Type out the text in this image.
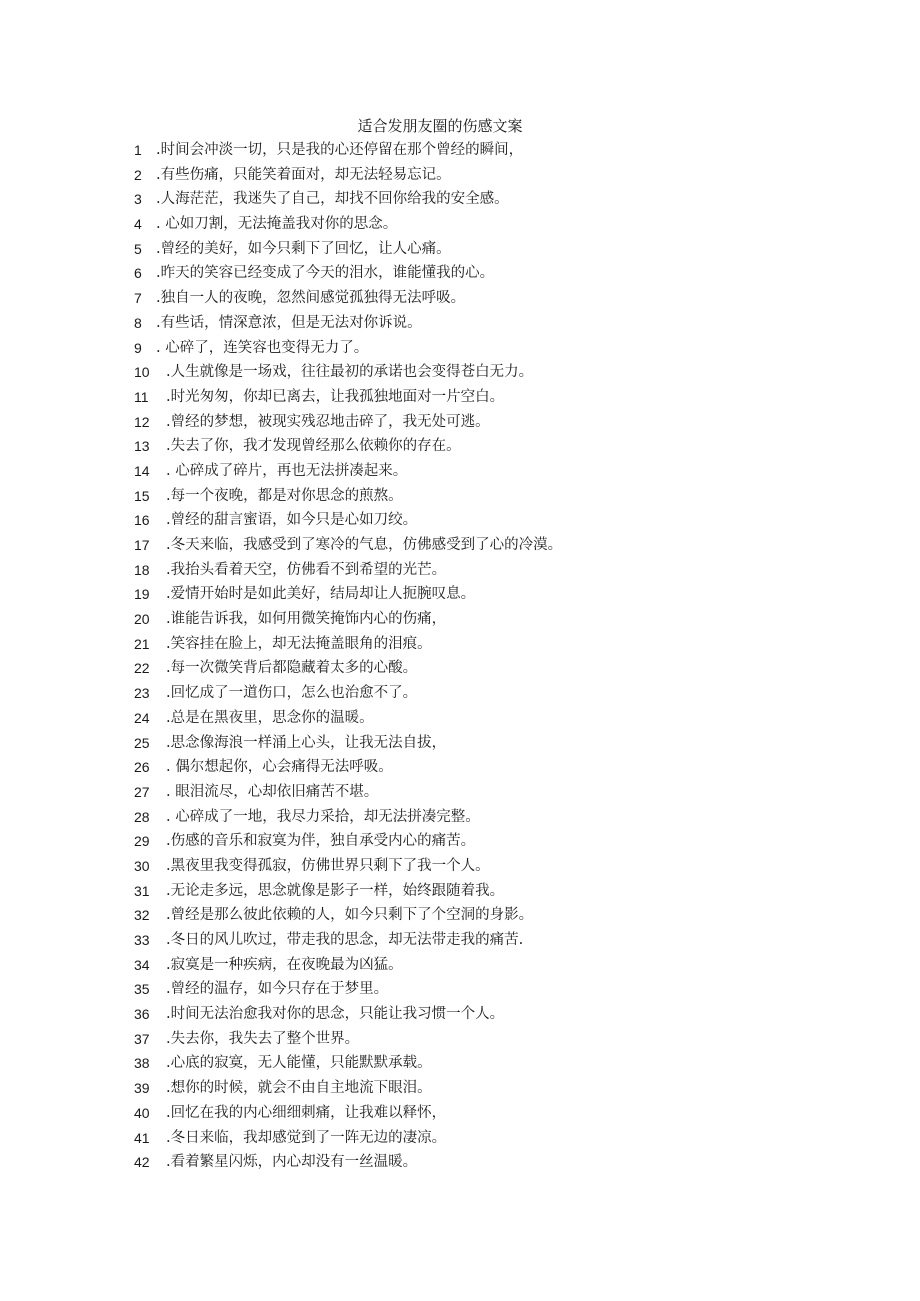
适合发朋友圈的伤感文案
1 .时间会冲淡一切，只是我的心还停留在那个曾经的瞬间，
2 .有些伤痛，只能笑着面对，却无法轻易忘记。
3 .人海茫茫，我迷失了自己，却找不回你给我的安全感。
4 . 心如刀割，无法掩盖我对你的思念。
5 .曾经的美好，如今只剩下了回忆，让人心痛。
6 .昨天的笑容已经变成了今天的泪水，谁能懂我的心。
7 .独自一人的夜晚，忽然间感觉孤独得无法呼吸。
8 .有些话，情深意浓，但是无法对你诉说。
9 . 心碎了，连笑容也变得无力了。
10	.人生就像是一场戏，往往最初的承诺也会变得苍白无力。
11	.时光匆匆，你却已离去，让我孤独地面对一片空白。
12	.曾经的梦想，被现实残忍地击碎了，我无处可逃。
13	.失去了你，我才发现曾经那么依赖你的存在。
14	. 心碎成了碎片，再也无法拼凑起来。
15	.每一个夜晚，都是对你思念的煎熬。
16	.曾经的甜言蜜语，如今只是心如刀绞。
17	.冬天来临，我感受到了寒冷的气息，仿佛感受到了心的冷漠。
18	.我抬头看着天空，仿佛看不到希望的光芒。
19	.爱情开始时是如此美好，结局却让人扼腕叹息。
20	.谁能告诉我，如何用微笑掩饰内心的伤痛，
21	.笑容挂在脸上，却无法掩盖眼角的泪痕。
22	.每一次微笑背后都隐藏着太多的心酸。
23	.回忆成了一道伤口，怎么也治愈不了。
24	.总是在黑夜里，思念你的温暖。
25	.思念像海浪一样涌上心头，让我无法自拔，
26	. 偶尔想起你，心会痛得无法呼吸。
27	. 眼泪流尽，心却依旧痛苦不堪。
28	. 心碎成了一地，我尽力采拾，却无法拼凑完整。
29	.伤感的音乐和寂寞为伴，独自承受内心的痛苦。
30	.黑夜里我变得孤寂，仿佛世界只剩下了我一个人。
31	.无论走多远，思念就像是影子一样，始终跟随着我。
32	.曾经是那么彼此依赖的人，如今只剩下了个空洞的身影。
33	.冬日的风儿吹过，带走我的思念，却无法带走我的痛苦.
34	.寂寞是一种疾病，在夜晚最为凶猛。
35	.曾经的温存，如今只存在于梦里。
36	.时间无法治愈我对你的思念，只能让我习惯一个人。
37	.失去你，我失去了整个世界。
38	.心底的寂寞，无人能懂，只能默默承载。
39	.想你的时候，就会不由自主地流下眼泪。
40	.回忆在我的内心细细刺痛，让我难以释怀，
41	.冬日来临，我却感觉到了一阵无边的凄凉。
42	.看着繁星闪烁，内心却没有一丝温暖。
